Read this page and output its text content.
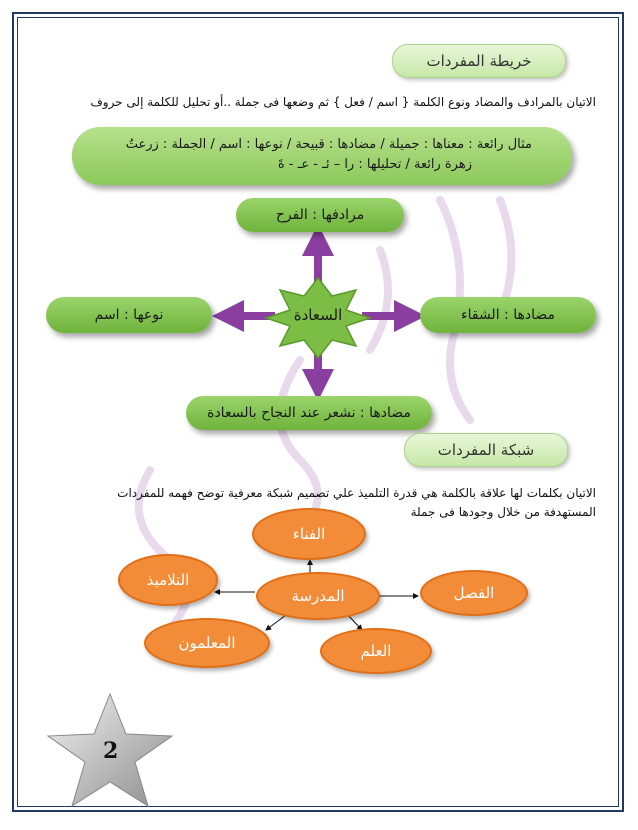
خريطة المفردات
الاتيان بالمرادف والمضاد ونوع الكلمة { اسم / فعل } ثم وضعها فى جملة ..أو تحليل للكلمة إلى حروف
مثال رائعة : معناها : جميلة / مضادها : قبيحة / نوعها : اسم / الجملة : زرعتُ
زهرة رائعة / تحليلها : را – ئـ - عـ - ةَ
السعادة
مرادفها : الفرح
نوعها : اسم	مضادها : الشقاء
مضادها : نشعر عند النجاح بالسعادة
شبكة المفردات
الاتيان بكلمات لها علاقة بالكلمة هي قدرة التلميذ علي تصميم شبكة معرفية توضح فهمه للمفردات
المستهدفة من خلال وجودها فى جملة
المدرسة
الفناء
التلاميذ
الفصل
المعلمون	العلم
2
